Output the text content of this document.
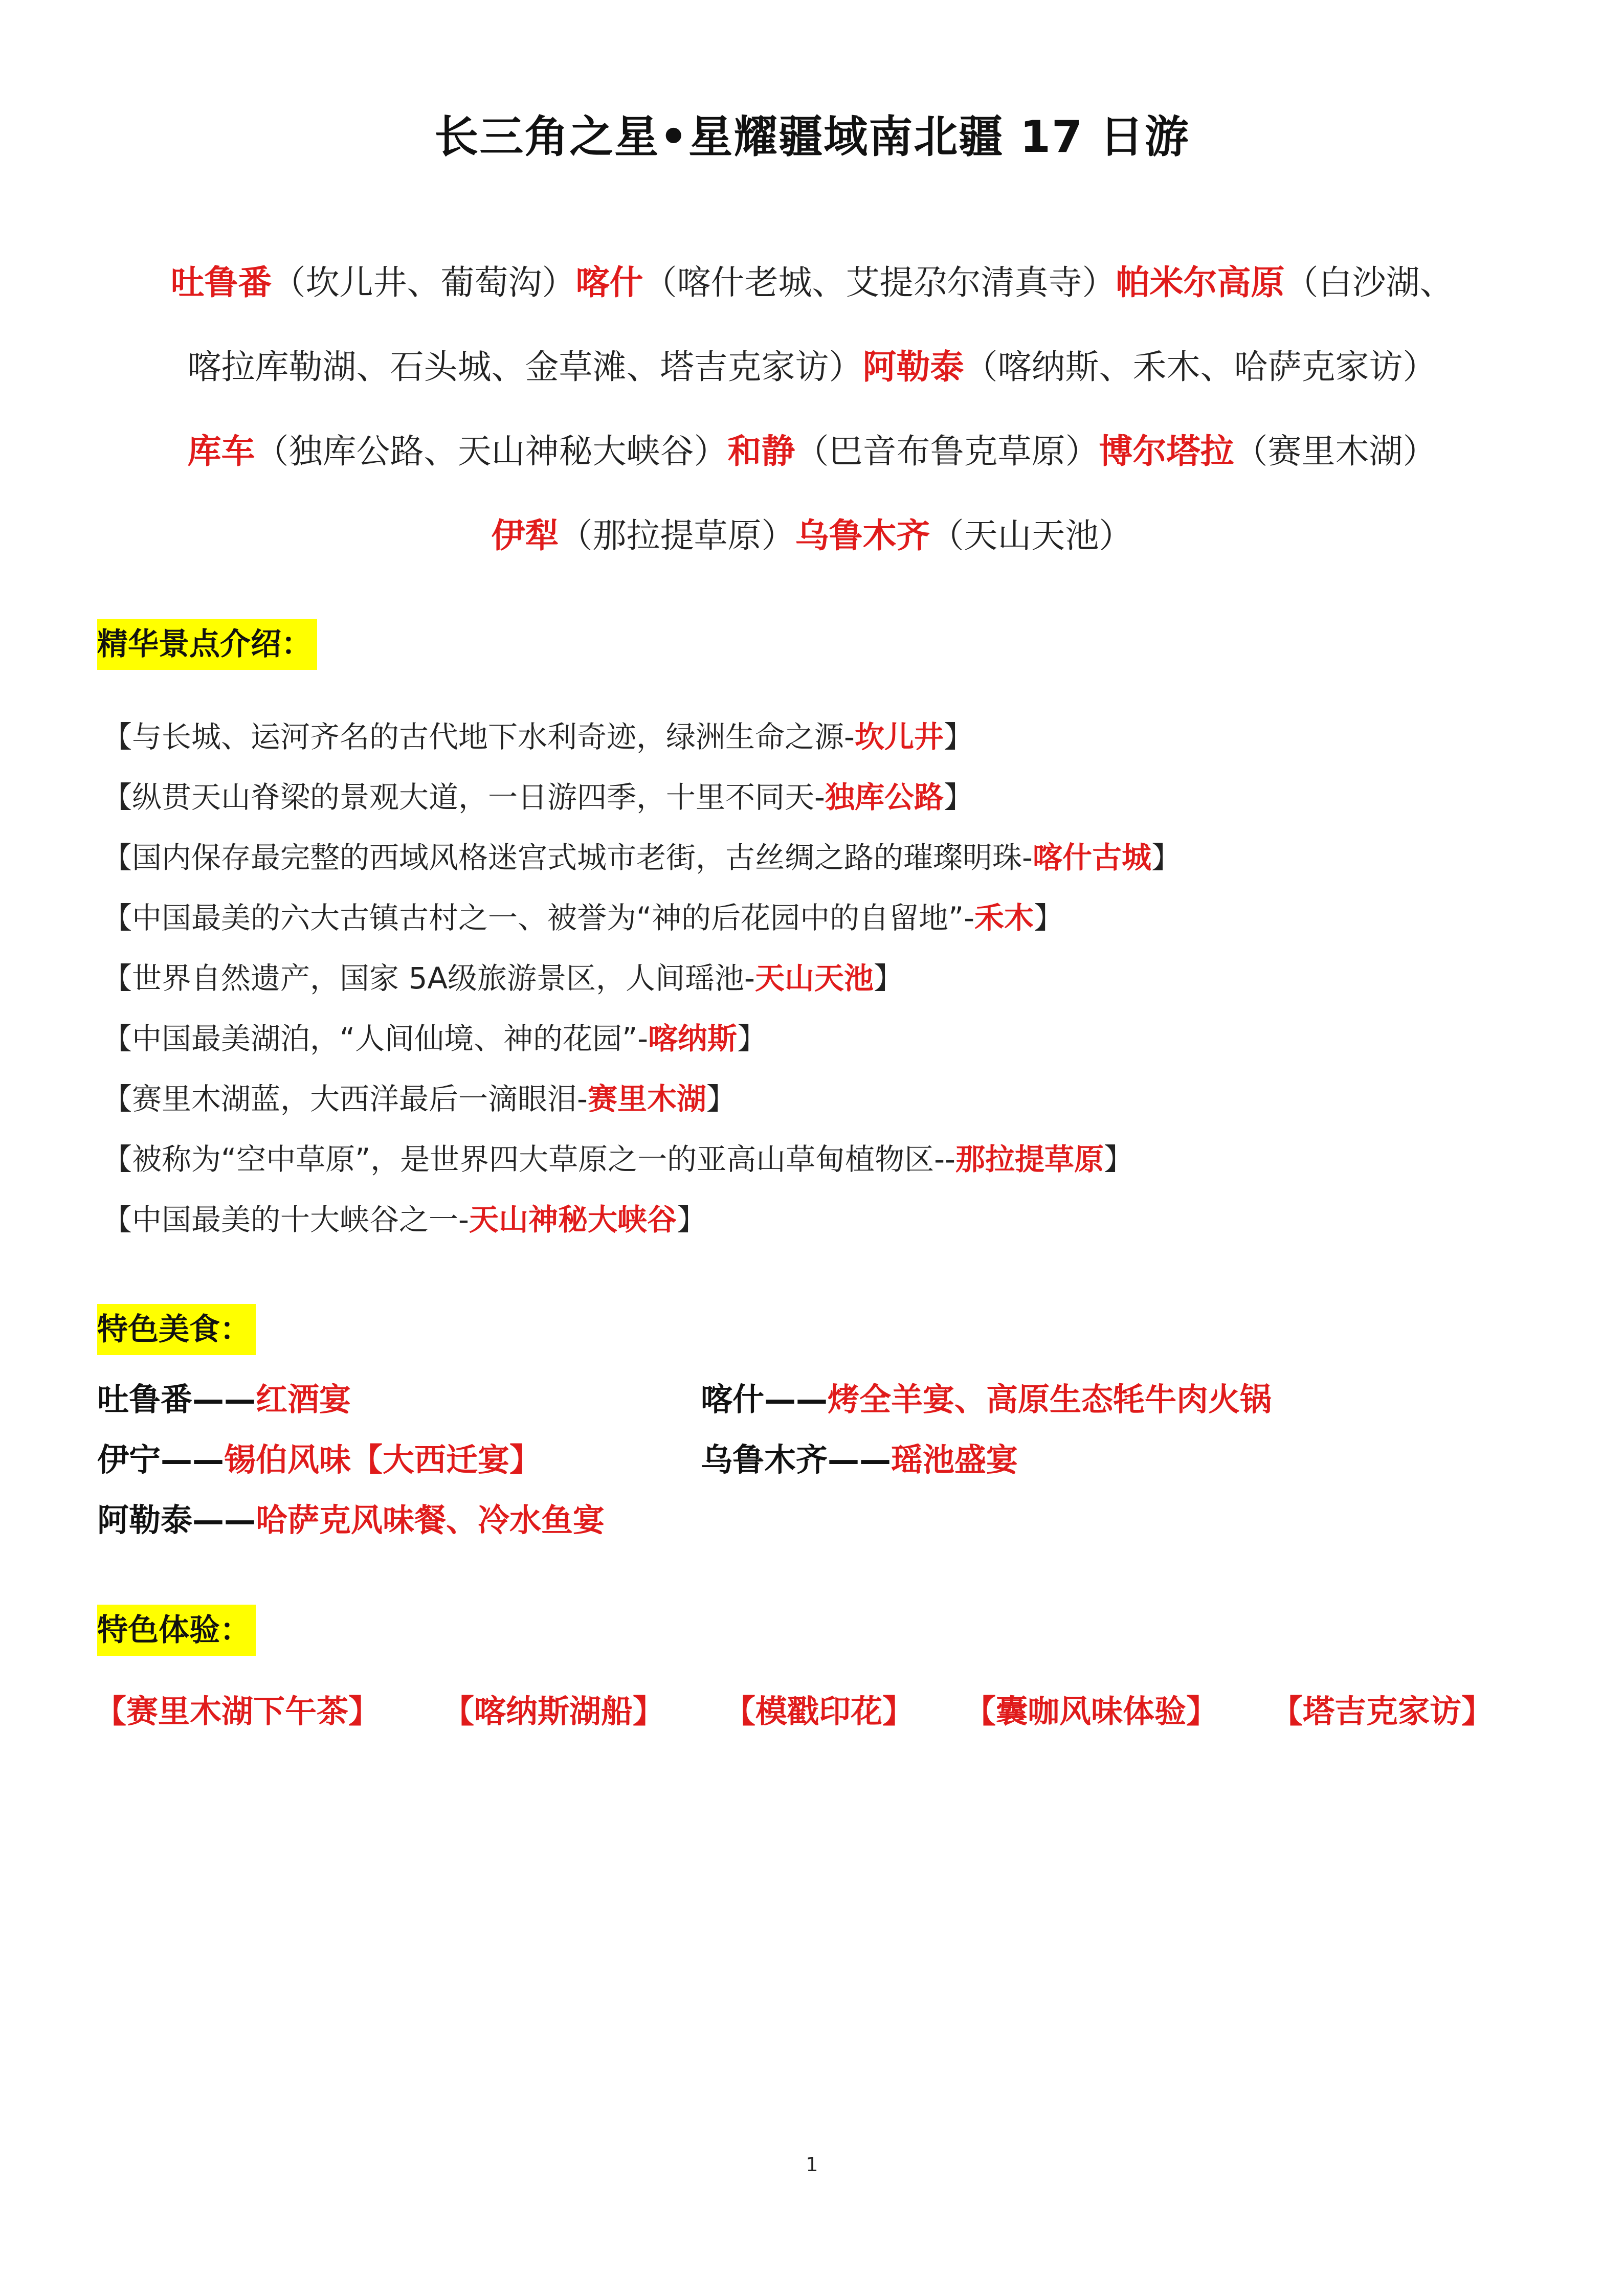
长三角之星•星耀疆域南北疆 17 日游
吐鲁番（坎儿井、葡萄沟）喀什（喀什老城、艾提尕尔清真寺）帕米尔高原（白沙湖、
喀拉库勒湖、石头城、金草滩、塔吉克家访）阿勒泰（喀纳斯、禾木、哈萨克家访）
库车（独库公路、天山神秘大峡谷）和静（巴音布鲁克草原）博尔塔拉（赛里木湖）
伊犁（那拉提草原）乌鲁木齐（天山天池）
精华景点介绍：
【与长城、运河齐名的古代地下水利奇迹，绿洲生命之源-坎儿井】
【纵贯天山脊梁的景观大道，一日游四季，十里不同天-独库公路】
【国内保存最完整的西域风格迷宫式城市老街，古丝绸之路的璀璨明珠-喀什古城】
【中国最美的六大古镇古村之一、被誉为“神的后花园中的自留地”-禾木】
【世界自然遗产，国家 5A级旅游景区，人间瑶池-天山天池】
【中国最美湖泊，“人间仙境、神的花园”-喀纳斯】
【赛里木湖蓝，大西洋最后一滴眼泪-赛里木湖】
【被称为“空中草原”，是世界四大草原之一的亚高山草甸植物区--那拉提草原】
【中国最美的十大峡谷之一-天山神秘大峡谷】
特色美食：
吐鲁番——红酒宴	喀什——烤全羊宴、高原生态牦牛肉火锅
伊宁——锡伯风味【大西迁宴】	乌鲁木齐——瑶池盛宴
阿勒泰——哈萨克风味餐、冷水鱼宴
特色体验：
【赛里木湖下午茶】 【喀纳斯湖船】 【模戳印花】 【囊咖风味体验】 【塔吉克家访】
1
